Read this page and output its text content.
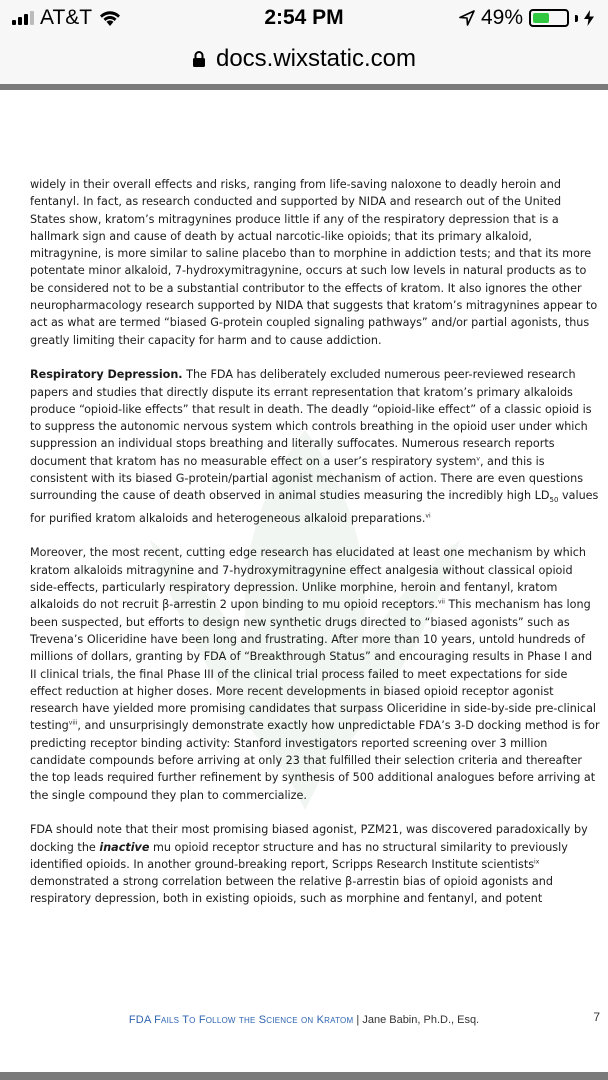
AT&T	2:54 PM	49%
docs.wixstatic.com

widely in their overall effects and risks, ranging from life-saving naloxone to deadly heroin and fentanyl. In fact, as research conducted and supported by NIDA and research out of the United States show, kratom’s mitragynines produce little if any of the respiratory depression that is a hallmark sign and cause of death by actual narcotic-like opioids; that its primary alkaloid, mitragynine, is more similar to saline placebo than to morphine in addiction tests; and that its more potentate minor alkaloid, 7-hydroxymitragynine, occurs at such low levels in natural products as to be considered not to be a substantial contributor to the effects of kratom. It also ignores the other neuropharmacology research supported by NIDA that suggests that kratom’s mitragynines appear to act as what are termed “biased G-protein coupled signaling pathways” and/or partial agonists, thus greatly limiting their capacity for harm and to cause addiction.

Respiratory Depression. The FDA has deliberately excluded numerous peer-reviewed research papers and studies that directly dispute its errant representation that kratom’s primary alkaloids produce “opioid-like effects” that result in death. The deadly “opioid-like effect” of a classic opioid is to suppress the autonomic nervous system which controls breathing in the opioid user under which suppression an individual stops breathing and literally suffocates. Numerous research reports document that kratom has no measurable effect on a user’s respiratory system$^v$, and this is consistent with its biased G-protein/partial agonist mechanism of action. There are even questions surrounding the cause of death observed in animal studies measuring the incredibly high $LD_{50}$ values for purified kratom alkaloids and heterogeneous alkaloid preparations.$^{vi}$

Moreover, the most recent, cutting edge research has elucidated at least one mechanism by which kratom alkaloids mitragynine and 7-hydroxymitragynine effect analgesia without classical opioid side-effects, particularly respiratory depression. Unlike morphine, heroin and fentanyl, kratom alkaloids do not recruit β-arrestin 2 upon binding to mu opioid receptors.$^{vii}$ This mechanism has long been suspected, but efforts to design new synthetic drugs directed to “biased agonists” such as Trevena’s Oliceridine have been long and frustrating. After more than 10 years, untold hundreds of millions of dollars, granting by FDA of “Breakthrough Status” and encouraging results in Phase I and II clinical trials, the final Phase III of the clinical trial process failed to meet expectations for side effect reduction at higher doses. More recent developments in biased opioid receptor agonist research have yielded more promising candidates that surpass Oliceridine in side-by-side pre-clinical testing$^{viii}$, and unsurprisingly demonstrate exactly how unpredictable FDA’s 3-D docking method is for predicting receptor binding activity: Stanford investigators reported screening over 3 million candidate compounds before arriving at only 23 that fulfilled their selection criteria and thereafter the top leads required further refinement by synthesis of 500 additional analogues before arriving at the single compound they plan to commercialize.

FDA should note that their most promising biased agonist, PZM21, was discovered paradoxically by docking the inactive mu opioid receptor structure and has no structural similarity to previously identified opioids. In another ground-breaking report, Scripps Research Institute scientists$^{ix}$ demonstrated a strong correlation between the relative β-arrestin bias of opioid agonists and respiratory depression, both in existing opioids, such as morphine and fentanyl, and potent

FDA Fails To Follow the Science on Kratom | Jane Babin, Ph.D., Esq.	7
